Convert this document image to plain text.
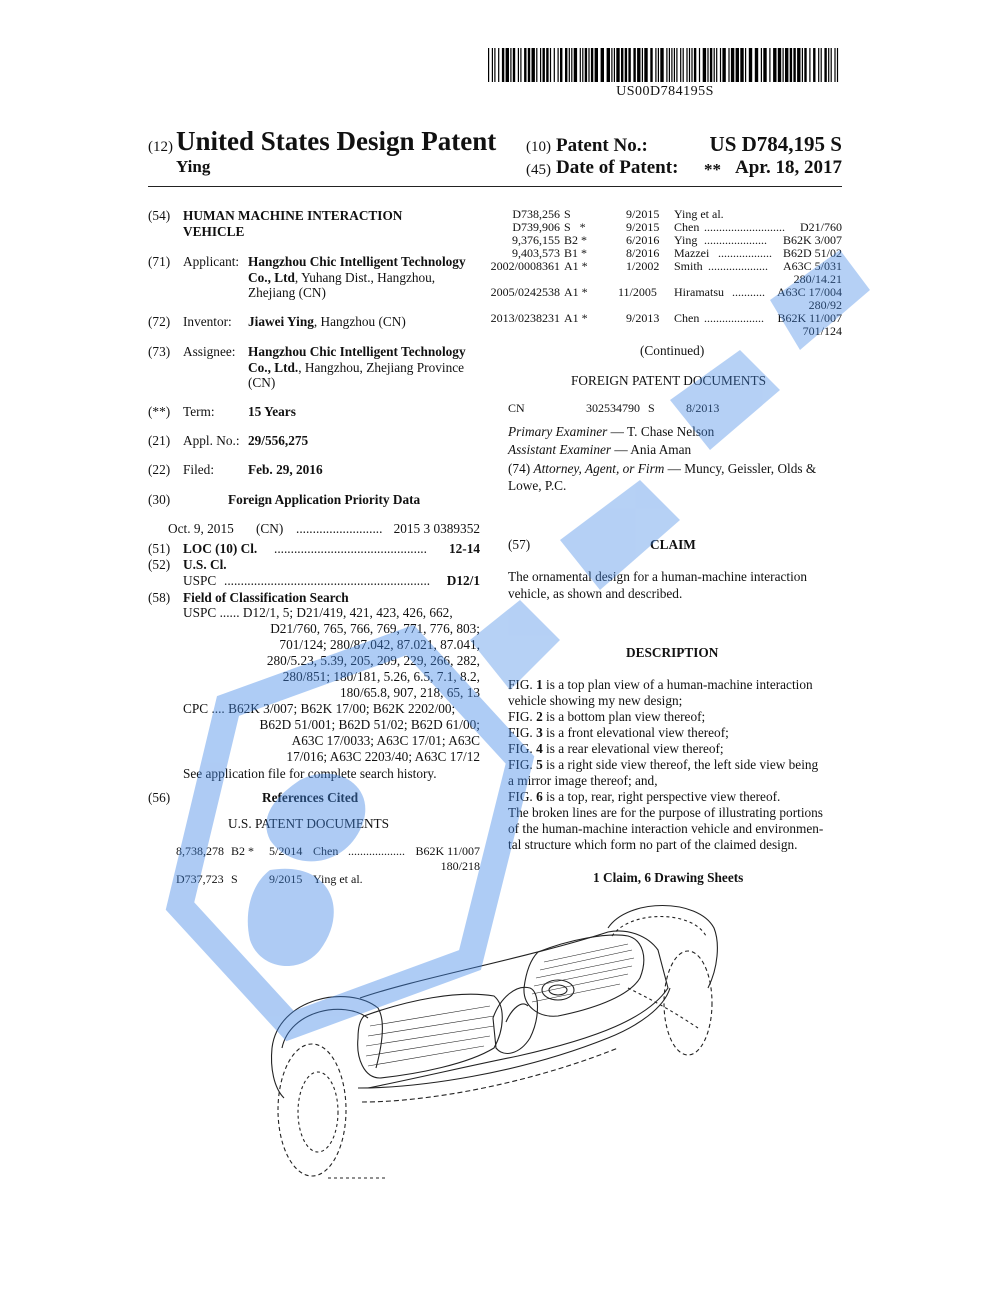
US00D784195S
(12) United States Design Patent
Ying
(10) Patent No.:	US D784,195 S
(45) Date of Patent: ** Apr. 18, 2017
(54) HUMAN MACHINE INTERACTION
VEHICLE
(71) Applicant: Hangzhou Chic Intelligent Technology
Co., Ltd, Yuhang Dist., Hangzhou,
Zhejiang (CN)
(72) Inventor: Jiawei Ying, Hangzhou (CN)
(73) Assignee: Hangzhou Chic Intelligent Technology
Co., Ltd., Hangzhou, Zhejiang Province
(CN)
(**) Term:	15 Years
(21) Appl. No.: 29/556,275
(22) Filed:	Feb. 29, 2016
(30)	Foreign Application Priority Data
Oct. 9, 2015 (CN) .......................... 2015 3 0389352
(51) LOC (10) Cl. ..............................................	12-14
(52) U.S. Cl.
USPC ..............................................................	D12/1
(58) Field of Classification Search
USPC ...... D12/1, 5; D21/419, 421, 423, 426, 662,
D21/760, 765, 766, 769, 771, 776, 803;
701/124; 280/87.042, 87.021, 87.041,
280/5.23, 5.39, 205, 209, 229, 266, 282,
280/851; 180/181, 5.26, 6.5, 7.1, 8.2,
180/65.8, 907, 218, 65, 13
CPC .... B62K 3/007; B62K 17/00; B62K 2202/00;
B62D 51/001; B62D 51/02; B62D 61/00;
A63C 17/0033; A63C 17/01; A63C
17/016; A63C 2203/40; A63C 17/12
See application file for complete search history.
(56)	References Cited
U.S. PATENT DOCUMENTS
8,738,278 B2 * 5/2014 Chen ................... B62K 11/007
180/218
D737,723 S	9/2015 Ying et al.
D738,256 S	9/2015 Ying et al.
D739,906 S   *	9/2015 Chen ........................... D21/760
9,376,155 B2 *	6/2016 Ying ..................... B62K 3/007
9,403,573 B1 *	8/2016 Mazzei .................. B62D 51/02
2002/0008361 A1 *	1/2002 Smith .................... A63C 5/031
280/14.21
2005/0242538 A1 *	11/2005 Hiramatsu ........... A63C 17/004
280/92
2013/0238231 A1 *	9/2013 Chen .................... B62K 11/007
701/124
(Continued)
FOREIGN PATENT DOCUMENTS
CN	302534790 S	8/2013
Primary Examiner — T. Chase Nelson
Assistant Examiner — Ania Aman
(74) Attorney, Agent, or Firm — Muncy, Geissler, Olds &
Lowe, P.C.
(57)	CLAIM
The ornamental design for a human-machine interaction
vehicle, as shown and described.
DESCRIPTION
FIG. 1 is a top plan view of a human-machine interaction
vehicle showing my new design;
FIG. 2 is a bottom plan view thereof;
FIG. 3 is a front elevational view thereof;
FIG. 4 is a rear elevational view thereof;
FIG. 5 is a right side view thereof, the left side view being
a mirror image thereof; and,
FIG. 6 is a top, rear, right perspective view thereof.
The broken lines are for the purpose of illustrating portions
of the human-machine interaction vehicle and environmen-
tal structure which form no part of the claimed design.
1 Claim, 6 Drawing Sheets
